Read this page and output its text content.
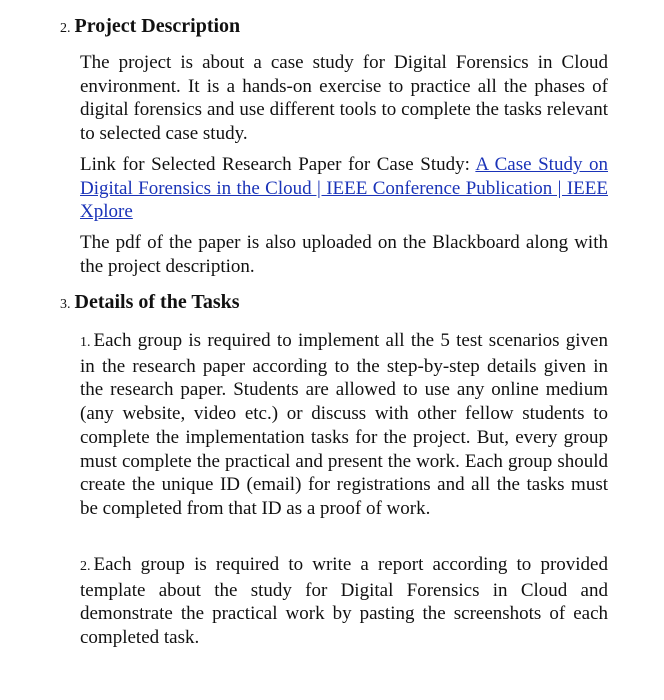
2. Project Description
The project is about a case study for Digital Forensics in Cloud environment. It is a hands-on exercise to practice all the phases of digital forensics and use different tools to complete the tasks relevant to selected case study.
Link for Selected Research Paper for Case Study: A Case Study on Digital Forensics in the Cloud | IEEE Conference Publication | IEEE Xplore
The pdf of the paper is also uploaded on the Blackboard along with the project description.
3. Details of the Tasks
1. Each group is required to implement all the 5 test scenarios given in the research paper according to the step-by-step details given in the research paper. Students are allowed to use any online medium (any website, video etc.) or discuss with other fellow students to complete the implementation tasks for the project. But, every group must complete the practical and present the work. Each group should create the unique ID (email) for registrations and all the tasks must be completed from that ID as a proof of work.
2. Each group is required to write a report according to provided template about the study for Digital Forensics in Cloud and demonstrate the practical work by pasting the screenshots of each completed task.
